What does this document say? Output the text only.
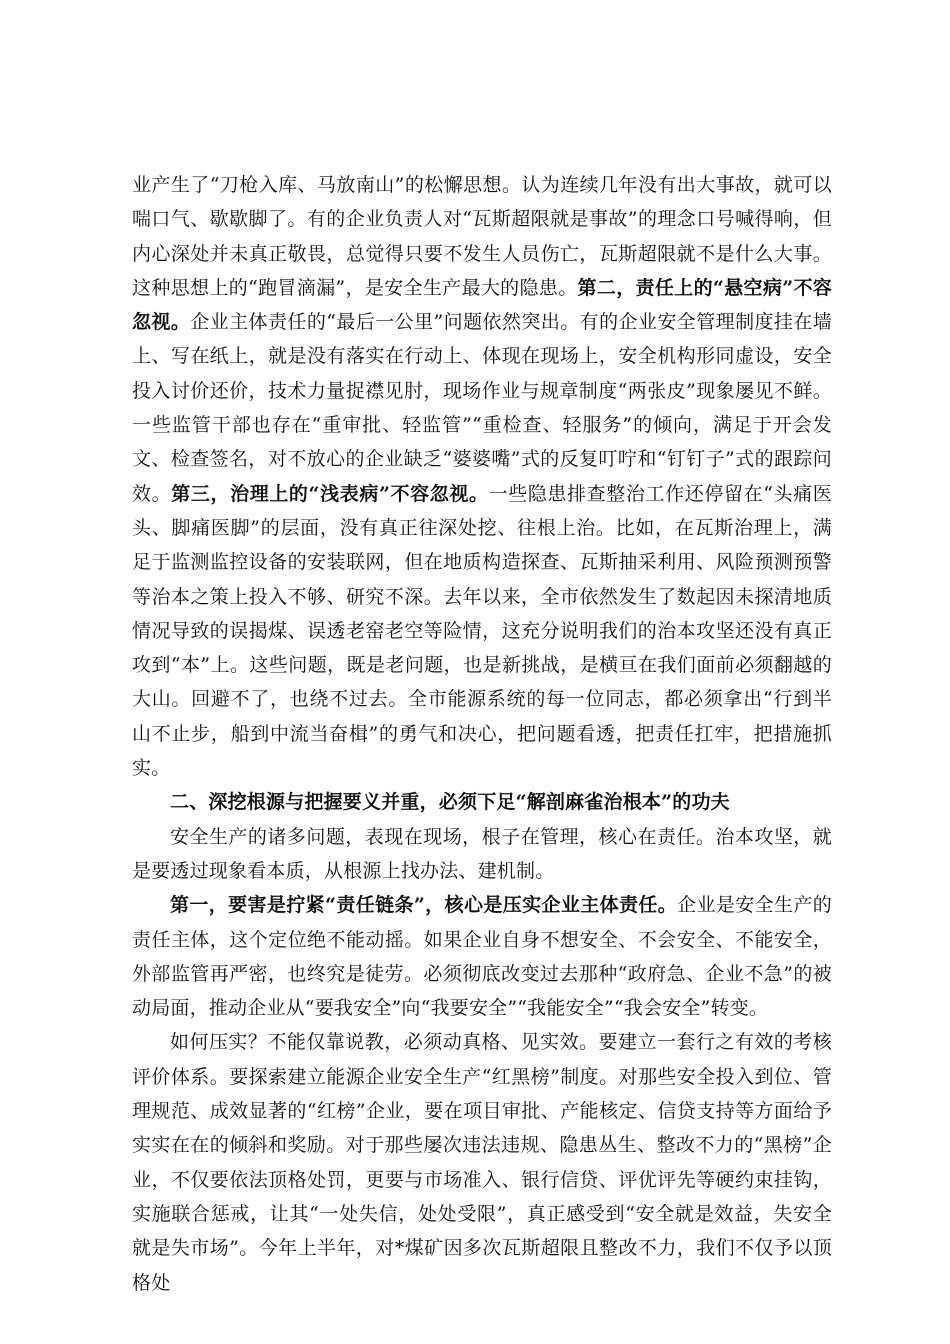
业产生了“刀枪入库、马放南山”的松懈思想。认为连续几年没有出大事故，就可以喘口气、歇歇脚了。有的企业负责人对“瓦斯超限就是事故”的理念口号喊得响，但内心深处并未真正敬畏，总觉得只要不发生人员伤亡，瓦斯超限就不是什么大事。这种思想上的“跑冒滴漏”，是安全生产最大的隐患。第二，责任上的“悬空病”不容忽视。企业主体责任的“最后一公里”问题依然突出。有的企业安全管理制度挂在墙上、写在纸上，就是没有落实在行动上、体现在现场上，安全机构形同虚设，安全投入讨价还价，技术力量捉襟见肘，现场作业与规章制度“两张皮”现象屡见不鲜。一些监管干部也存在“重审批、轻监管”“重检查、轻服务”的倾向，满足于开会发文、检查签名，对不放心的企业缺乏“婆婆嘴”式的反复叮咛和“钉钉子”式的跟踪问效。第三，治理上的“浅表病”不容忽视。一些隐患排查整治工作还停留在“头痛医头、脚痛医脚”的层面，没有真正往深处挖、往根上治。比如，在瓦斯治理上，满足于监测监控设备的安装联网，但在地质构造探查、瓦斯抽采利用、风险预测预警等治本之策上投入不够、研究不深。去年以来，全市依然发生了数起因未探清地质情况导致的误揭煤、误透老窑老空等险情，这充分说明我们的治本攻坚还没有真正攻到“本”上。这些问题，既是老问题，也是新挑战，是横亘在我们面前必须翻越的大山。回避不了，也绕不过去。全市能源系统的每一位同志，都必须拿出“行到半山不止步，船到中流当奋楫”的勇气和决心，把问题看透，把责任扛牢，把措施抓实。

二、深挖根源与把握要义并重，必须下足“解剖麻雀治根本”的功夫

安全生产的诸多问题，表现在现场，根子在管理，核心在责任。治本攻坚，就是要透过现象看本质，从根源上找办法、建机制。

第一，要害是拧紧“责任链条”，核心是压实企业主体责任。企业是安全生产的责任主体，这个定位绝不能动摇。如果企业自身不想安全、不会安全、不能安全，外部监管再严密，也终究是徒劳。必须彻底改变过去那种“政府急、企业不急”的被动局面，推动企业从“要我安全”向“我要安全”“我能安全”“我会安全”转变。

如何压实？不能仅靠说教，必须动真格、见实效。要建立一套行之有效的考核评价体系。要探索建立能源企业安全生产“红黑榜”制度。对那些安全投入到位、管理规范、成效显著的“红榜”企业，要在项目审批、产能核定、信贷支持等方面给予实实在在的倾斜和奖励。对于那些屡次违法违规、隐患丛生、整改不力的“黑榜”企业，不仅要依法顶格处罚，更要与市场准入、银行信贷、评优评先等硬约束挂钩，实施联合惩戒，让其“一处失信，处处受限”，真正感受到“安全就是效益，失安全就是失市场”。今年上半年，对*煤矿因多次瓦斯超限且整改不力，我们不仅予以顶格处
